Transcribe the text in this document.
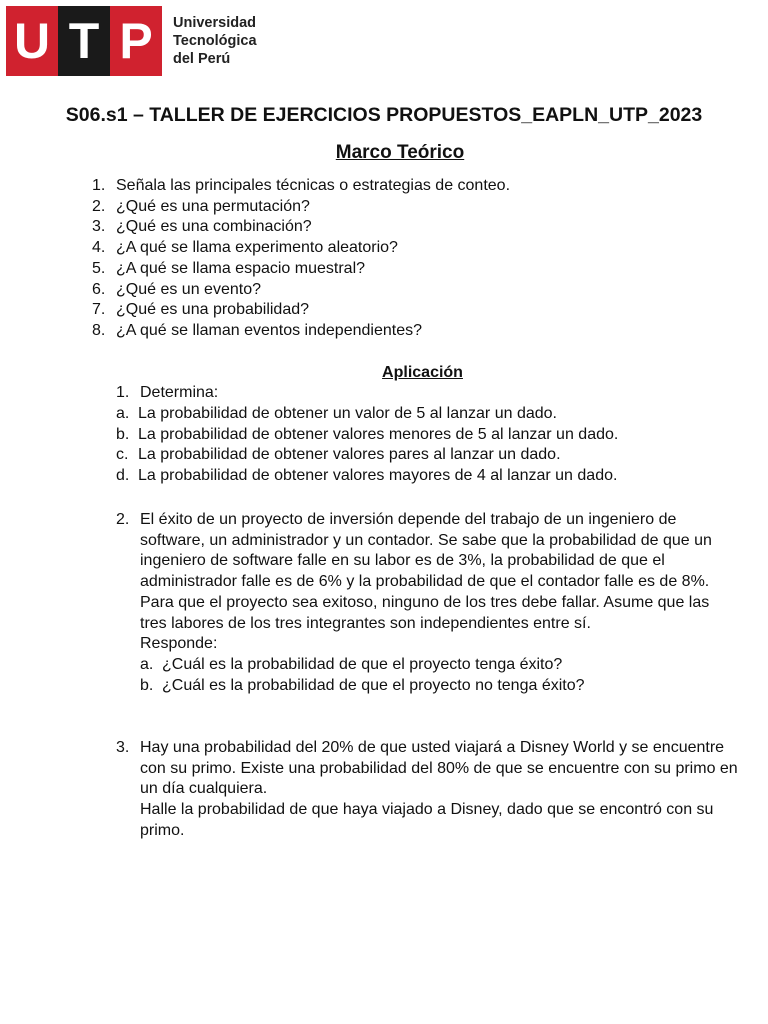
U T P	Universidad
Tecnológica
del Perú
S06.s1 – TALLER DE EJERCICIOS PROPUESTOS_EAPLN_UTP_2023
Marco Teórico
1. Señala las principales técnicas o estrategias de conteo.
2. ¿Qué es una permutación?
3. ¿Qué es una combinación?
4. ¿A qué se llama experimento aleatorio?
5. ¿A qué se llama espacio muestral?
6. ¿Qué es un evento?
7. ¿Qué es una probabilidad?
8. ¿A qué se llaman eventos independientes?
Aplicación
1. Determina:
a. La probabilidad de obtener un valor de 5 al lanzar un dado.
b. La probabilidad de obtener valores menores de 5 al lanzar un dado.
c. La probabilidad de obtener valores pares al lanzar un dado.
d. La probabilidad de obtener valores mayores de 4 al lanzar un dado.
2. El éxito de un proyecto de inversión depende del trabajo de un ingeniero de software, un administrador y un contador. Se sabe que la probabilidad de que un ingeniero de software falle en su labor es de 3%, la probabilidad de que el administrador falle es de 6% y la probabilidad de que el contador falle es de 8%. Para que el proyecto sea exitoso, ninguno de los tres debe fallar. Asume que las tres labores de los tres integrantes son independientes entre sí.

Responde:

a. ¿Cuál es la probabilidad de que el proyecto tenga éxito?
b. ¿Cuál es la probabilidad de que el proyecto no tenga éxito?
3. Hay una probabilidad del 20% de que usted viajará a Disney World y se encuentre con su primo. Existe una probabilidad del 80% de que se encuentre con su primo en un día cualquiera.

Halle la probabilidad de que haya viajado a Disney, dado que se encontró con su primo.
